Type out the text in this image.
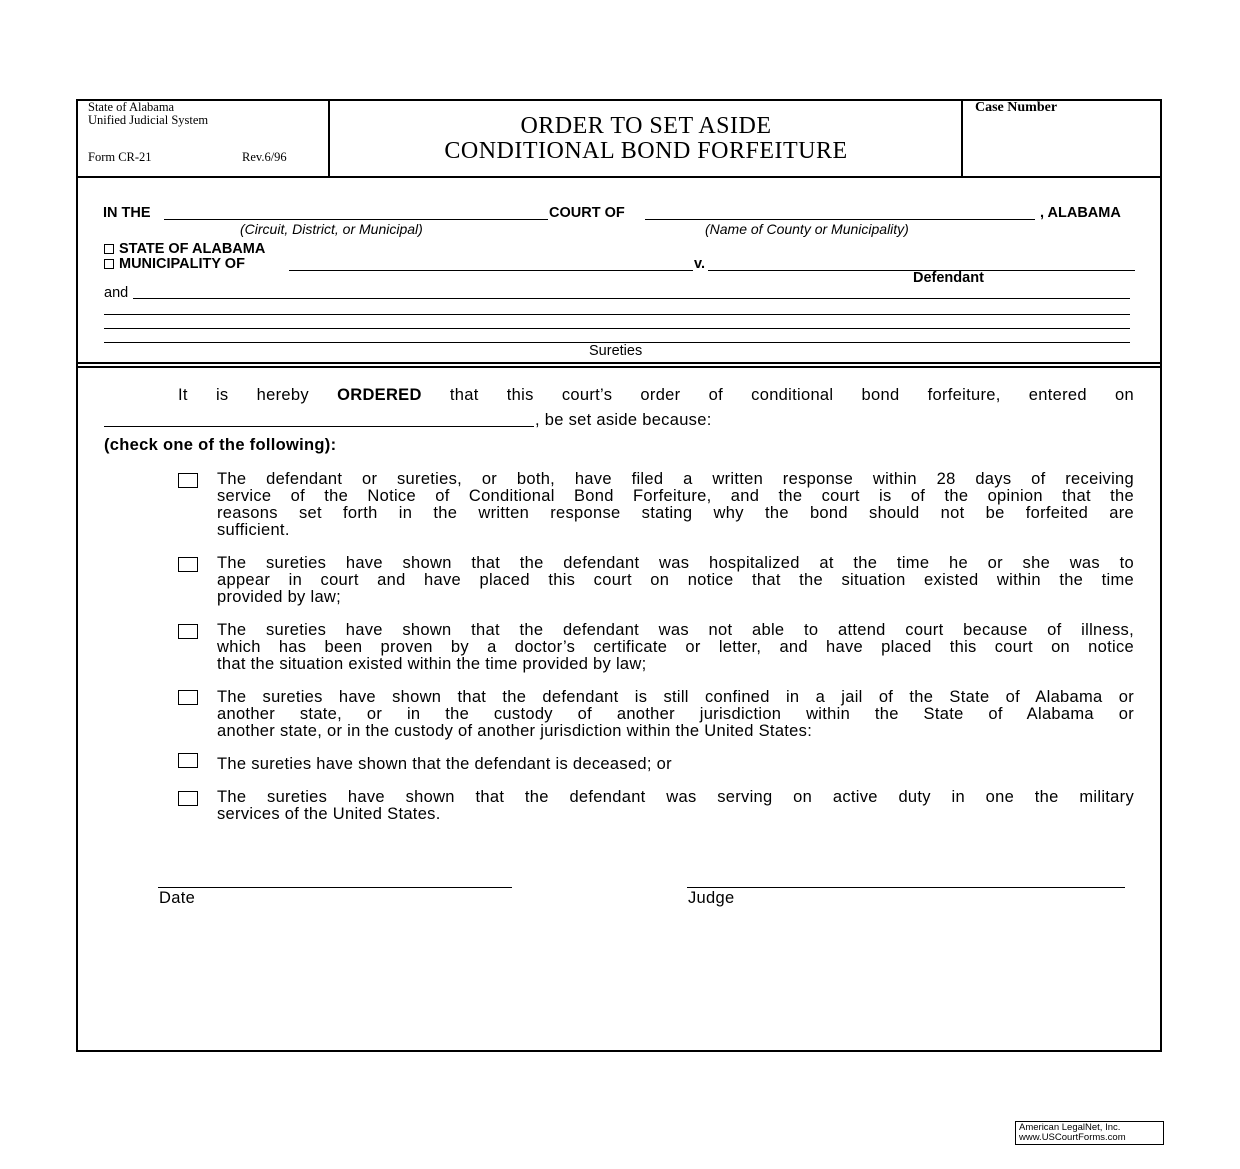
State of Alabama
Unified Judicial System
Form CR-21	Rev.6/96
ORDER TO SET ASIDE
CONDITIONAL BOND FORFEITURE
Case Number
IN THE	COURT OF	, ALABAMA
(Circuit, District, or Municipal)	(Name of County or Municipality)
STATE OF ALABAMA
MUNICIPALITY OF	v.
Defendant
and
Sureties
It is hereby ORDERED that this court’s order of conditional bond forfeiture, entered on
, be set aside because:
(check one of the following):
The defendant or sureties, or both, have filed a written response within 28 days of receiving
service of the Notice of Conditional Bond Forfeiture, and the court is of the opinion that the
reasons set forth in the written response stating why the bond should not be forfeited are
sufficient.
The sureties have shown that the defendant was hospitalized at the time he or she was to
appear in court and have placed this court on notice that the situation existed within the time
provided by law;
The sureties have shown that the defendant was not able to attend court because of illness,
which has been proven by a doctor’s certificate or letter, and have placed this court on notice
that the situation existed within the time provided by law;
The sureties have shown that the defendant is still confined in a jail of the State of Alabama or
another state, or in the custody of another jurisdiction within the State of Alabama or
another state, or in the custody of another jurisdiction within the United States:
The sureties have shown that the defendant is deceased; or
The sureties have shown that the defendant was serving on active duty in one the military
services of the United States.
Date	Judge
American LegalNet, Inc.
www.USCourtForms.com
